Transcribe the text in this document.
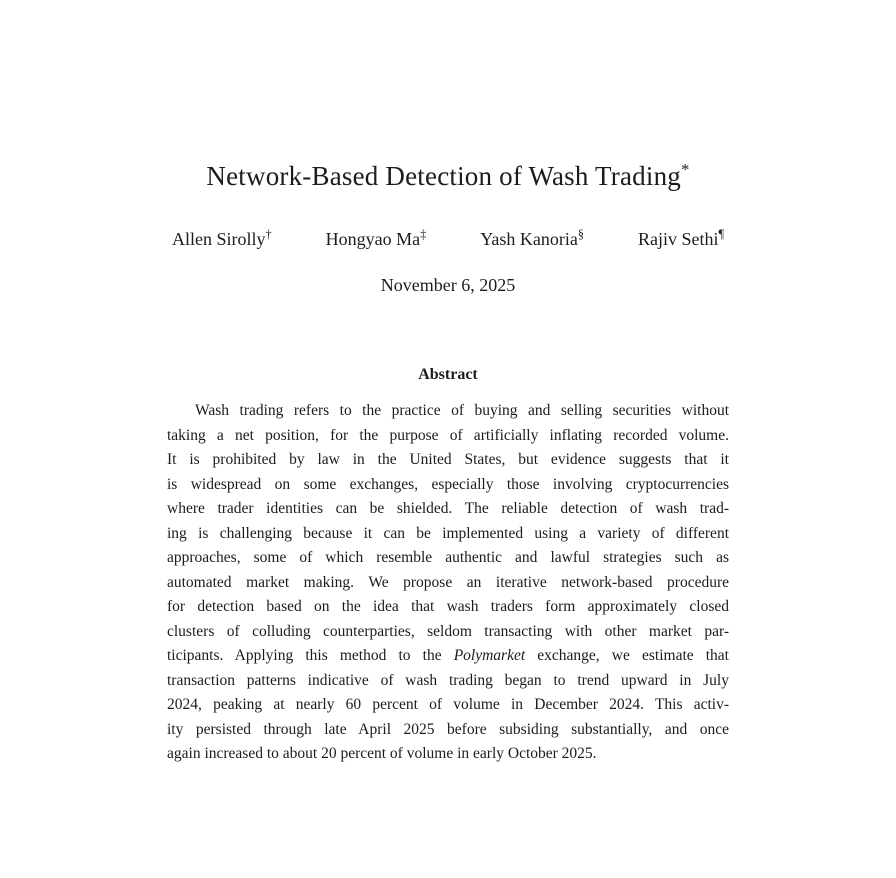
Network-Based Detection of Wash Trading*
Allen Sirolly†	Hongyao Ma‡	Yash Kanoria§	Rajiv Sethi¶
November 6, 2025
Abstract
Wash trading refers to the practice of buying and selling securities without
taking a net position, for the purpose of artificially inflating recorded volume.
It is prohibited by law in the United States, but evidence suggests that it
is widespread on some exchanges, especially those involving cryptocurrencies
where trader identities can be shielded. The reliable detection of wash trad-
ing is challenging because it can be implemented using a variety of different
approaches, some of which resemble authentic and lawful strategies such as
automated market making. We propose an iterative network-based procedure
for detection based on the idea that wash traders form approximately closed
clusters of colluding counterparties, seldom transacting with other market par-
ticipants. Applying this method to the Polymarket exchange, we estimate that
transaction patterns indicative of wash trading began to trend upward in July
2024, peaking at nearly 60 percent of volume in December 2024. This activ-
ity persisted through late April 2025 before subsiding substantially, and once
again increased to about 20 percent of volume in early October 2025.
